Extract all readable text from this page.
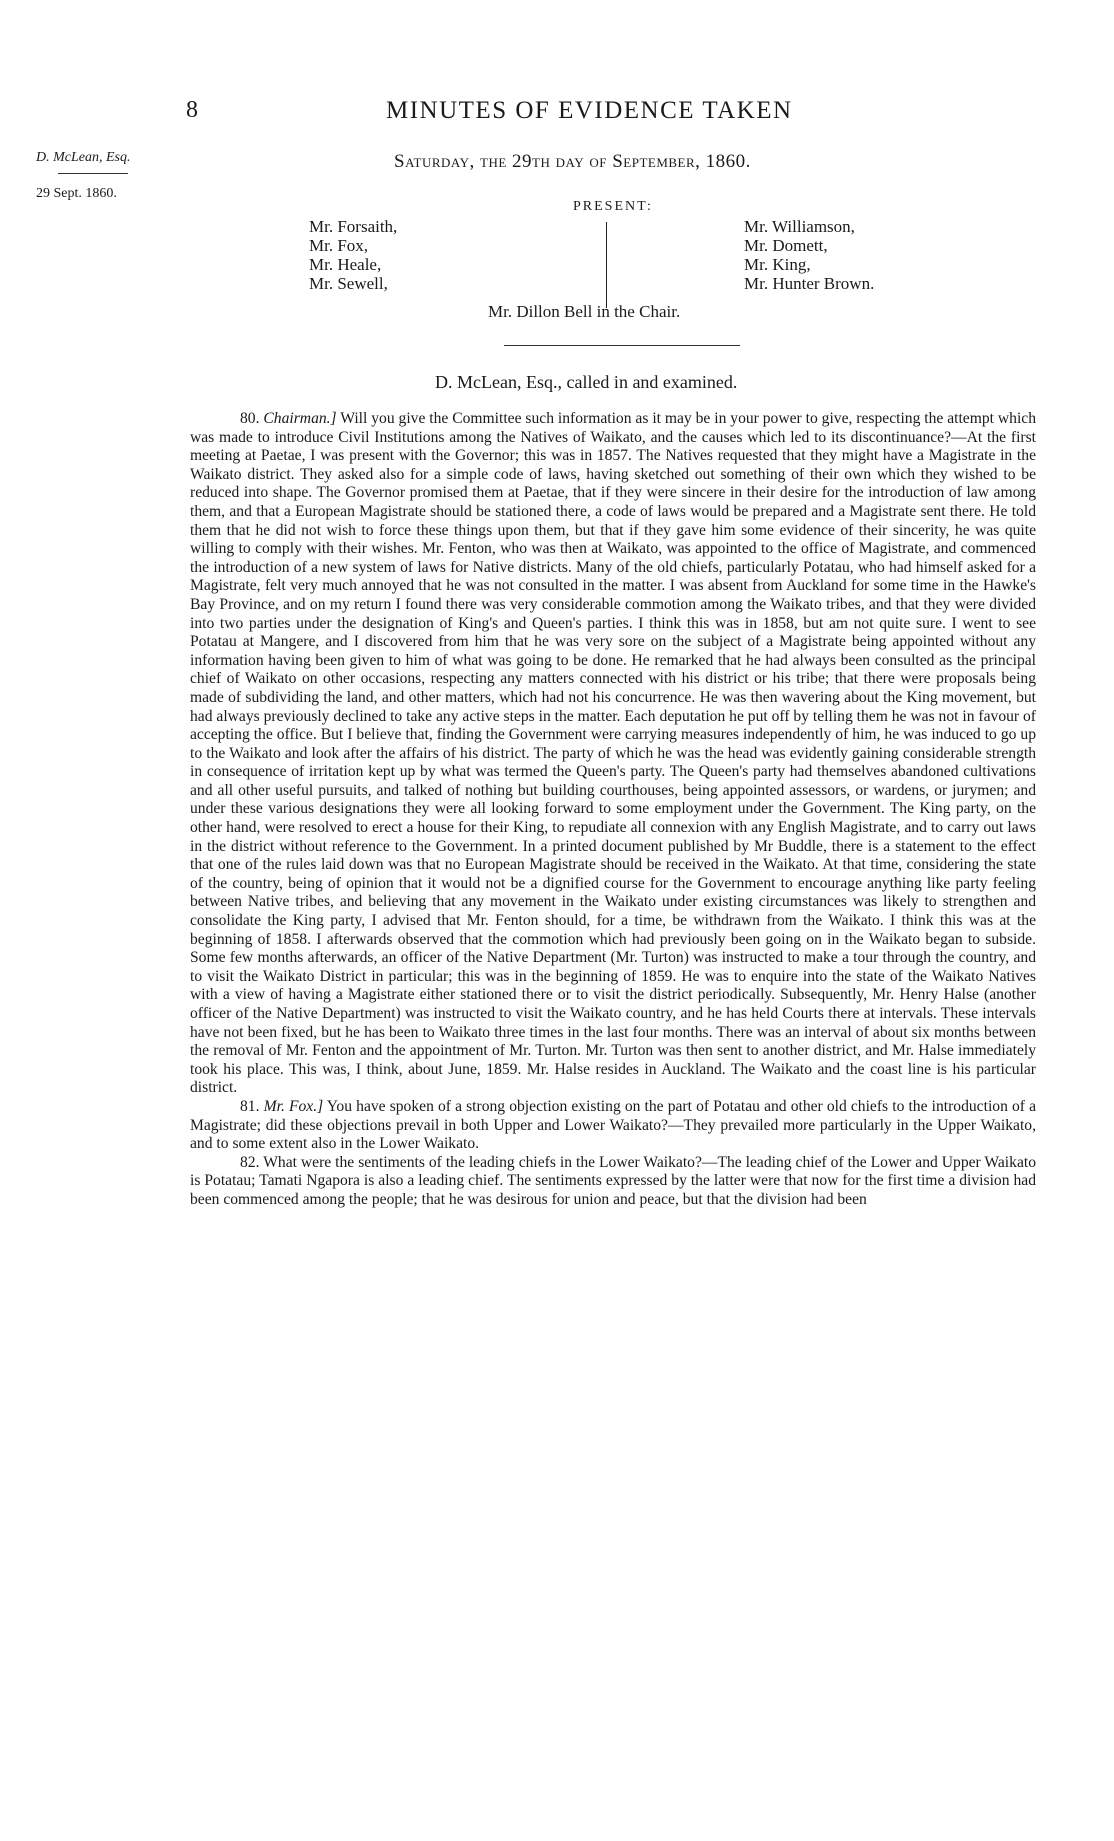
8	MINUTES OF EVIDENCE TAKEN
D. McLean, Esq.
29 Sept. 1860.
Saturday, the 29th day of September, 1860.
PRESENT:
Mr. Forsaith,
Mr. Fox,
Mr. Heale,
Mr. Sewell,
Mr. Williamson,
Mr. Domett,
Mr. King,
Mr. Hunter Brown.
Mr. Dillon Bell in the Chair.
D. McLean, Esq., called in and examined.

80. Chairman.] Will you give the Committee such information as it may be in your power to give, respecting the attempt which was made to introduce Civil Institutions among the Natives of Waikato, and the causes which led to its discontinuance?—At the first meeting at Paetae, I was present with the Governor; this was in 1857. The Natives requested that they might have a Magistrate in the Waikato district. They asked also for a simple code of laws, having sketched out something of their own which they wished to be reduced into shape. The Governor promised them at Paetae, that if they were sincere in their desire for the introduction of law among them, and that a European Magistrate should be stationed there, a code of laws would be prepared and a Magistrate sent there. He told them that he did not wish to force these things upon them, but that if they gave him some evidence of their sincerity, he was quite willing to comply with their wishes. Mr. Fenton, who was then at Waikato, was appointed to the office of Magistrate, and commenced the introduction of a new system of laws for Native districts. Many of the old chiefs, particularly Potatau, who had himself asked for a Magistrate, felt very much annoyed that he was not consulted in the matter. I was absent from Auckland for some time in the Hawke's Bay Province, and on my return I found there was very considerable commotion among the Waikato tribes, and that they were divided into two parties under the designation of King's and Queen's parties. I think this was in 1858, but am not quite sure. I went to see Potatau at Mangere, and I discovered from him that he was very sore on the subject of a Magistrate being appointed without any information having been given to him of what was going to be done. He remarked that he had always been consulted as the principal chief of Waikato on other occasions, respecting any matters connected with his district or his tribe; that there were proposals being made of subdividing the land, and other matters, which had not his concurrence. He was then wavering about the King movement, but had always previously declined to take any active steps in the matter. Each deputation he put off by telling them he was not in favour of accepting the office. But I believe that, finding the Government were carrying measures independently of him, he was induced to go up to the Waikato and look after the affairs of his district. The party of which he was the head was evidently gaining considerable strength in consequence of irritation kept up by what was termed the Queen's party. The Queen's party had themselves abandoned cultivations and all other useful pursuits, and talked of nothing but building courthouses, being appointed assessors, or wardens, or jurymen; and under these various designations they were all looking forward to some employment under the Government. The King party, on the other hand, were resolved to erect a house for their King, to repudiate all connexion with any English Magistrate, and to carry out laws in the district without reference to the Government. In a printed document published by Mr Buddle, there is a statement to the effect that one of the rules laid down was that no European Magistrate should be received in the Waikato. At that time, considering the state of the country, being of opinion that it would not be a dignified course for the Government to encourage anything like party feeling between Native tribes, and believing that any movement in the Waikato under existing circumstances was likely to strengthen and consolidate the King party, I advised that Mr. Fenton should, for a time, be withdrawn from the Waikato. I think this was at the beginning of 1858. I afterwards observed that the commotion which had previously been going on in the Waikato began to subside. Some few months afterwards, an officer of the Native Department (Mr. Turton) was instructed to make a tour through the country, and to visit the Waikato District in particular; this was in the beginning of 1859. He was to enquire into the state of the Waikato Natives with a view of having a Magistrate either stationed there or to visit the district periodically. Subsequently, Mr. Henry Halse (another officer of the Native Department) was instructed to visit the Waikato country, and he has held Courts there at intervals. These intervals have not been fixed, but he has been to Waikato three times in the last four months. There was an interval of about six months between the removal of Mr. Fenton and the appointment of Mr. Turton. Mr. Turton was then sent to another district, and Mr. Halse immediately took his place. This was, I think, about June, 1859. Mr. Halse resides in Auckland. The Waikato and the coast line is his particular district.

81. Mr. Fox.] You have spoken of a strong objection existing on the part of Potatau and other old chiefs to the introduction of a Magistrate; did these objections prevail in both Upper and Lower Waikato?—They prevailed more particularly in the Upper Waikato, and to some extent also in the Lower Waikato.

82. What were the sentiments of the leading chiefs in the Lower Waikato?—The leading chief of the Lower and Upper Waikato is Potatau; Tamati Ngapora is also a leading chief. The sentiments expressed by the latter were that now for the first time a division had been commenced among the people; that he was desirous for union and peace, but that the division had been
